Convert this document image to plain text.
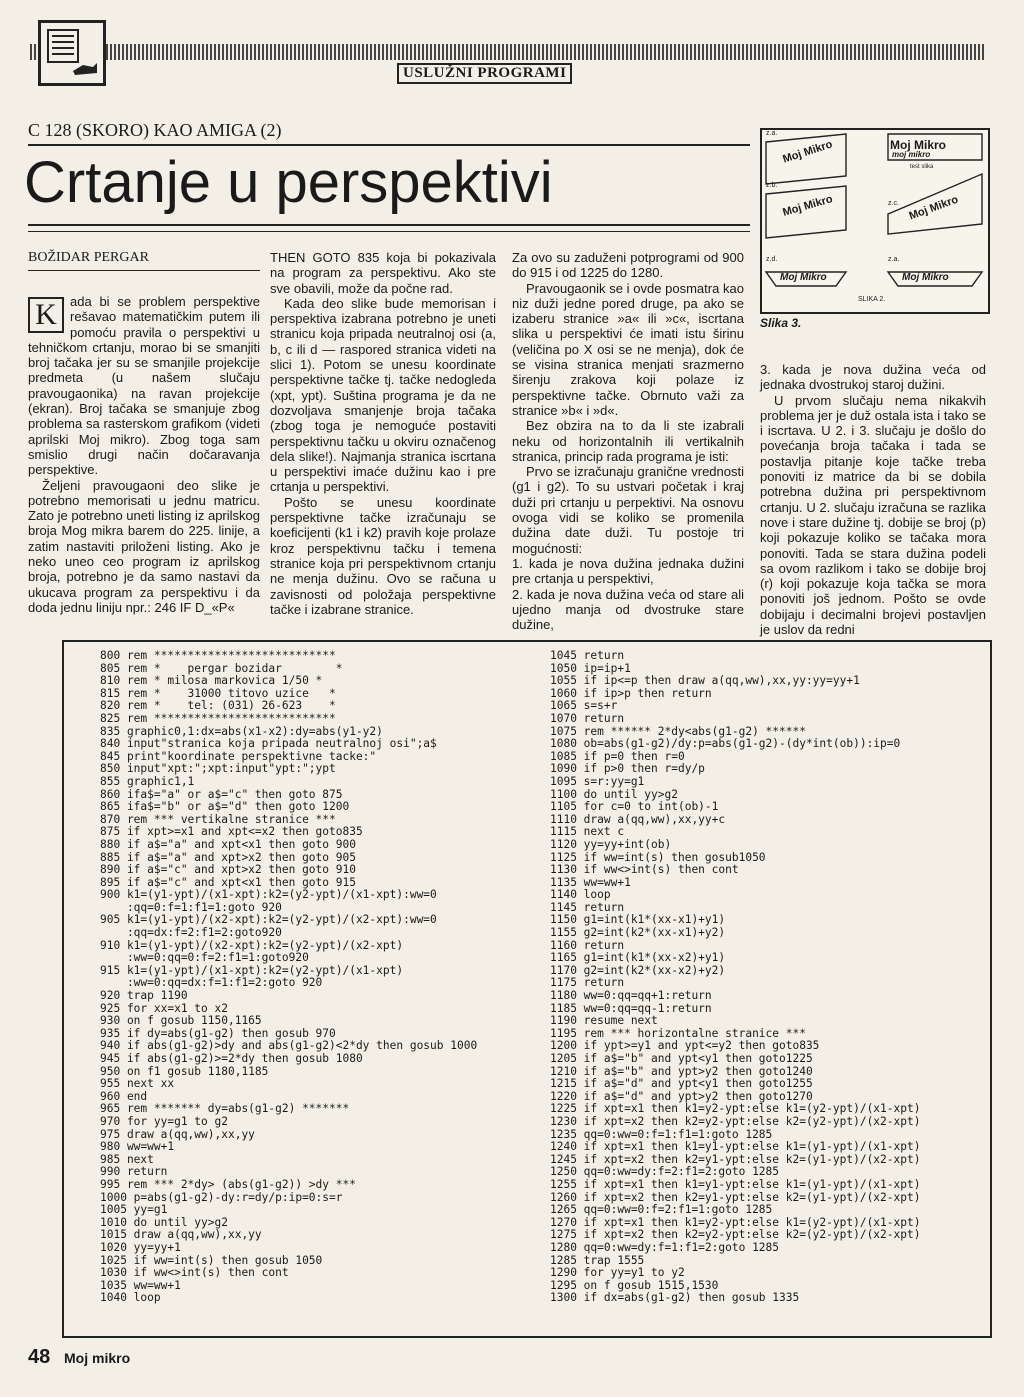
USLUŽNI PROGRAMI
C 128 (SKORO) KAO AMIGA (2)
Crtanje u perspektivi
BOŽIDAR PERGAR
K	ada bi se problem perspektive rešavao matematičkim putem ili pomoću pravila o perspektivi u tehničkom crtanju, morao bi se smanjiti broj tačaka jer su se smanjile projekcije predmeta (u našem slučaju pravougaonika) na ravan projekcije (ekran). Broj tačaka se smanjuje zbog problema sa rasterskom grafikom (videti aprilski Moj mikro). Zbog toga sam smislio drugi način dočaravanja perspektive.

Željeni pravougaoni deo slike je potrebno memorisati u jednu matricu. Zato je potrebno uneti listing iz aprilskog broja Mog mikra barem do 225. linije, a zatim nastaviti priloženi listing. Ako je neko uneo ceo program iz aprilskog broja, potrebno je da samo nastavi da ukucava program za perspektivu i da doda jednu liniju npr.: 246 IF D_«P«

THEN GOTO 835 koja bi pokazivala na program za perspektivu. Ako ste sve obavili, može da počne rad.

Kada deo slike bude memorisan i perspektiva izabrana potrebno je uneti stranicu koja pripada neutralnoj osi (a, b, c ili d — raspored stranica videti na slici 1). Potom se unesu koordinate perspektivne tačke tj. tačke nedogleda (xpt, ypt). Suština programa je da ne dozvoljava smanjenje broja tačaka (zbog toga je nemoguće postaviti perspektivnu tačku u okviru označenog dela slike!). Najmanja stranica iscrtana u perspektivi imaće dužinu kao i pre crtanja u perspektivi.

Pošto se unesu koordinate perspektivne tačke izračunaju se koeficijenti (k1 i k2) pravih koje prolaze kroz perspektivnu tačku i temena stranice koja pri perspektivnom crtanju ne menja dužinu. Ovo se računa u zavisnosti od položaja perspektivne tačke i izabrane stranice.

Za ovo su zaduženi potprogrami od 900 do 915 i od 1225 do 1280.

Pravougaonik se i ovde posmatra kao niz duži jedne pored druge, pa ako se izaberu stranice »a« ili »c«, iscrtana slika u perspektivi će imati istu širinu (veličina po X osi se ne menja), dok će se visina stranica menjati srazmerno širenju zrakova koji polaze iz perspektivne tačke. Obrnuto važi za stranice »b« i »d«.

Bez obzira na to da li ste izabrali neku od horizontalnih ili vertikalnih stranica, princip rada programa je isti:

Prvo se izračunaju granične vrednosti (g1 i g2). To su ustvari početak i kraj duži pri crtanju u perpektivi. Na osnovu ovoga vidi se koliko se promenila dužina date duži. Tu postoje tri mogućnosti:

1. kada je nova dužina jednaka dužini pre crtanja u perspektivi,

2. kada je nova dužina veća od stare ali ujedno manja od dvostruke stare dužine,

z.a.
z.b.
z.c.
z.d.	z.a.
Moj Mikro
moj mikro
test slika
Moj Mikro
Moj Mikro	Moj Mikro
Moj Mikro	Moj Mikro
SLIKA 2.
Slika 3.

3. kada je nova dužina veća od jednaka dvostrukoj staroj dužini.

U prvom slučaju nema nikakvih problema jer je duž ostala ista i tako se i iscrtava. U 2. i 3. slučaju je došlo do povećanja broja tačaka i tada se postavlja pitanje koje tačke treba ponoviti iz matrice da bi se dobila potrebna dužina pri perspektivnom crtanju. U 2. slučaju izračuna se razlika nove i stare dužine tj. dobije se broj (p) koji pokazuje koliko se tačaka mora ponoviti. Tada se stara dužina podeli sa ovom razlikom i tako se dobije broj (r) koji pokazuje koja tačka se mora ponoviti još jednom. Pošto se ovde dobijaju i decimalni brojevi postavljen je uslov da redni

800 rem ***************************
805 rem *    pergar bozidar        *
810 rem * milosa markovica 1/50 *
815 rem *    31000 titovo uzice   *
820 rem *    tel: (031) 26-623    *
825 rem ***************************
835 graphic0,1:dx=abs(x1-x2):dy=abs(y1-y2)
840 input"stranica koja pripada neutralnoj osi";a$
845 print"koordinate perspektivne tacke:"
850 input"xpt:";xpt:input"ypt:";ypt
855 graphic1,1
860 ifa$="a" or a$="c" then goto 875
865 ifa$="b" or a$="d" then goto 1200
870 rem *** vertikalne stranice ***
875 if xpt>=x1 and xpt<=x2 then goto835
880 if a$="a" and xpt<x1 then goto 900
885 if a$="a" and xpt>x2 then goto 905
890 if a$="c" and xpt>x2 then goto 910
895 if a$="c" and xpt<x1 then goto 915
900 k1=(y1-ypt)/(x1-xpt):k2=(y2-ypt)/(x1-xpt):ww=0
:qq=0:f=1:f1=1:goto 920
905 k1=(y1-ypt)/(x2-xpt):k2=(y2-ypt)/(x2-xpt):ww=0
:qq=dx:f=2:f1=2:goto920
910 k1=(y1-ypt)/(x2-xpt):k2=(y2-ypt)/(x2-xpt)
:ww=0:qq=0:f=2:f1=1:goto920
915 k1=(y1-ypt)/(x1-xpt):k2=(y2-ypt)/(x1-xpt)
:ww=0:qq=dx:f=1:f1=2:goto 920
920 trap 1190
925 for xx=x1 to x2
930 on f gosub 1150,1165
935 if dy=abs(g1-g2) then gosub 970
940 if abs(g1-g2)>dy and abs(g1-g2)<2*dy then gosub 1000
945 if abs(g1-g2)>=2*dy then gosub 1080
950 on f1 gosub 1180,1185
955 next xx
960 end
965 rem ******* dy=abs(g1-g2) *******
970 for yy=g1 to g2
975 draw a(qq,ww),xx,yy
980 ww=ww+1
985 next
990 return
995 rem *** 2*dy> (abs(g1-g2)) >dy ***
1000 p=abs(g1-g2)-dy:r=dy/p:ip=0:s=r
1005 yy=g1
1010 do until yy>g2
1015 draw a(qq,ww),xx,yy
1020 yy=yy+1
1025 if ww=int(s) then gosub 1050
1030 if ww<>int(s) then cont
1035 ww=ww+1
1040 loop
1045 return
1050 ip=ip+1
1055 if ip<=p then draw a(qq,ww),xx,yy:yy=yy+1
1060 if ip>p then return
1065 s=s+r
1070 return
1075 rem ****** 2*dy<abs(g1-g2) ******
1080 ob=abs(g1-g2)/dy:p=abs(g1-g2)-(dy*int(ob)):ip=0
1085 if p=0 then r=0
1090 if p>0 then r=dy/p
1095 s=r:yy=g1
1100 do until yy>g2
1105 for c=0 to int(ob)-1
1110 draw a(qq,ww),xx,yy+c
1115 next c
1120 yy=yy+int(ob)
1125 if ww=int(s) then gosub1050
1130 if ww<>int(s) then cont
1135 ww=ww+1
1140 loop
1145 return
1150 g1=int(k1*(xx-x1)+y1)
1155 g2=int(k2*(xx-x1)+y2)
1160 return
1165 g1=int(k1*(xx-x2)+y1)
1170 g2=int(k2*(xx-x2)+y2)
1175 return
1180 ww=0:qq=qq+1:return
1185 ww=0:qq=qq-1:return
1190 resume next
1195 rem *** horizontalne stranice ***
1200 if ypt>=y1 and ypt<=y2 then goto835
1205 if a$="b" and ypt<y1 then goto1225
1210 if a$="b" and ypt>y2 then goto1240
1215 if a$="d" and ypt<y1 then goto1255
1220 if a$="d" and ypt>y2 then goto1270
1225 if xpt=x1 then k1=y2-ypt:else k1=(y2-ypt)/(x1-xpt)
1230 if xpt=x2 then k2=y2-ypt:else k2=(y2-ypt)/(x2-xpt)
1235 qq=0:ww=0:f=1:f1=1:goto 1285
1240 if xpt=x1 then k1=y1-ypt:else k1=(y1-ypt)/(x1-xpt)
1245 if xpt=x2 then k2=y1-ypt:else k2=(y1-ypt)/(x2-xpt)
1250 qq=0:ww=dy:f=2:f1=2:goto 1285
1255 if xpt=x1 then k1=y1-ypt:else k1=(y1-ypt)/(x1-xpt)
1260 if xpt=x2 then k2=y1-ypt:else k2=(y1-ypt)/(x2-xpt)
1265 qq=0:ww=0:f=2:f1=1:goto 1285
1270 if xpt=x1 then k1=y2-ypt:else k1=(y2-ypt)/(x1-xpt)
1275 if xpt=x2 then k2=y2-ypt:else k2=(y2-ypt)/(x2-xpt)
1280 qq=0:ww=dy:f=1:f1=2:goto 1285
1285 trap 1555
1290 for yy=y1 to y2
1295 on f gosub 1515,1530
1300 if dx=abs(g1-g2) then gosub 1335
48 Moj mikro
